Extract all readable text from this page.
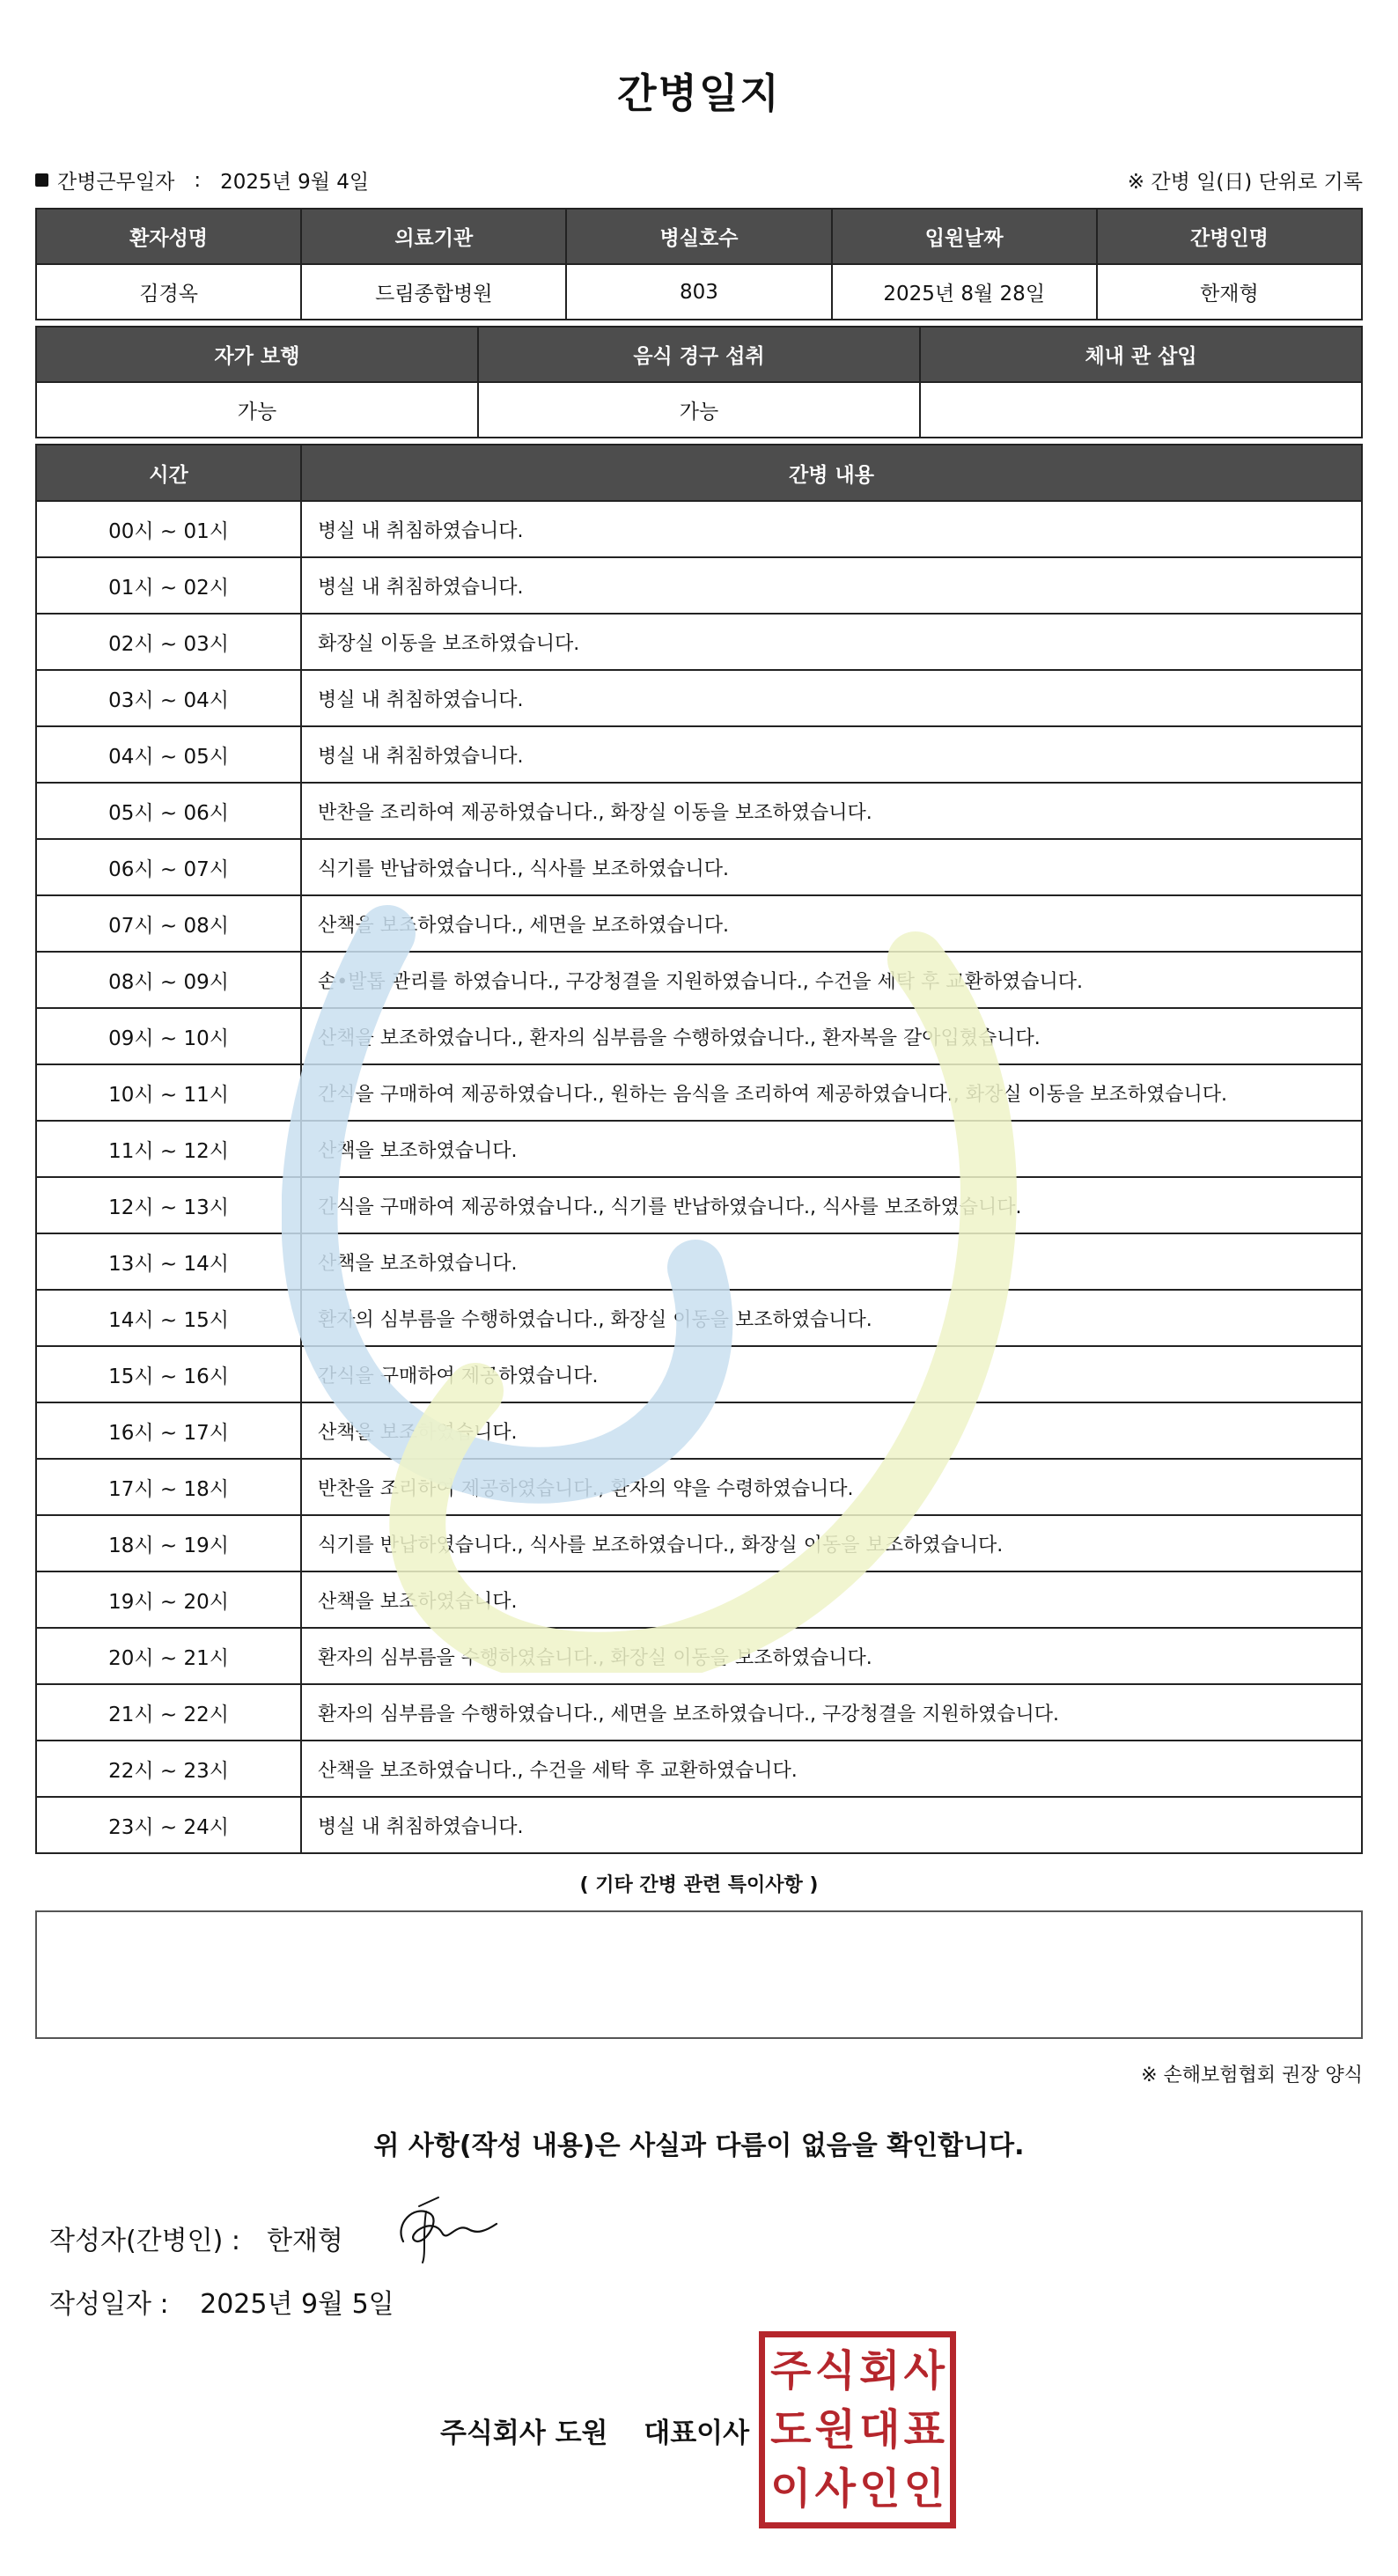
간병일지
간병근무일자 : 2025년 9월 4일	※ 간병 일(日) 단위로 기록
환자성명	의료기관	병실호수	입원날짜	간병인명
김경옥	드림종합병원	803	2025년 8월 28일	한재형
자가 보행	음식 경구 섭취	체내 관 삽입
가능	가능
시간	간병 내용
00시 ~ 01시	병실 내 취침하였습니다.
01시 ~ 02시	병실 내 취침하였습니다.
02시 ~ 03시	화장실 이동을 보조하였습니다.
03시 ~ 04시	병실 내 취침하였습니다.
04시 ~ 05시	병실 내 취침하였습니다.
05시 ~ 06시	반찬을 조리하여 제공하였습니다., 화장실 이동을 보조하였습니다.
06시 ~ 07시	식기를 반납하였습니다., 식사를 보조하였습니다.
07시 ~ 08시	산책을 보조하였습니다., 세면을 보조하였습니다.
08시 ~ 09시	손•발톱 관리를 하였습니다., 구강청결을 지원하였습니다., 수건을 세탁 후 교환하였습니다.
09시 ~ 10시	산책을 보조하였습니다., 환자의 심부름을 수행하였습니다., 환자복을 갈아입혔습니다.
10시 ~ 11시	간식을 구매하여 제공하였습니다., 원하는 음식을 조리하여 제공하였습니다., 화장실 이동을 보조하였습니다.
11시 ~ 12시	산책을 보조하였습니다.
12시 ~ 13시	간식을 구매하여 제공하였습니다., 식기를 반납하였습니다., 식사를 보조하였습니다.
13시 ~ 14시	산책을 보조하였습니다.
14시 ~ 15시	환자의 심부름을 수행하였습니다., 화장실 이동을 보조하였습니다.
15시 ~ 16시	간식을 구매하여 제공하였습니다.
16시 ~ 17시	산책을 보조하였습니다.
17시 ~ 18시	반찬을 조리하여 제공하였습니다., 환자의 약을 수령하였습니다.
18시 ~ 19시	식기를 반납하였습니다., 식사를 보조하였습니다., 화장실 이동을 보조하였습니다.
19시 ~ 20시	산책을 보조하였습니다.
20시 ~ 21시	환자의 심부름을 수행하였습니다., 화장실 이동을 보조하였습니다.
21시 ~ 22시	환자의 심부름을 수행하였습니다., 세면을 보조하였습니다., 구강청결을 지원하였습니다.
22시 ~ 23시	산책을 보조하였습니다., 수건을 세탁 후 교환하였습니다.
23시 ~ 24시	병실 내 취침하였습니다.
( 기타 간병 관련 특이사항 )
※ 손해보험협회 권장 양식
위 사항(작성 내용)은 사실과 다름이 없음을 확인합니다.
작성자(간병인) : 한재형
작성일자 : 2025년 9월 5일
주식회사 도원 대표이사
주 식 회 사
도 원 대 표
이 사 인 인
